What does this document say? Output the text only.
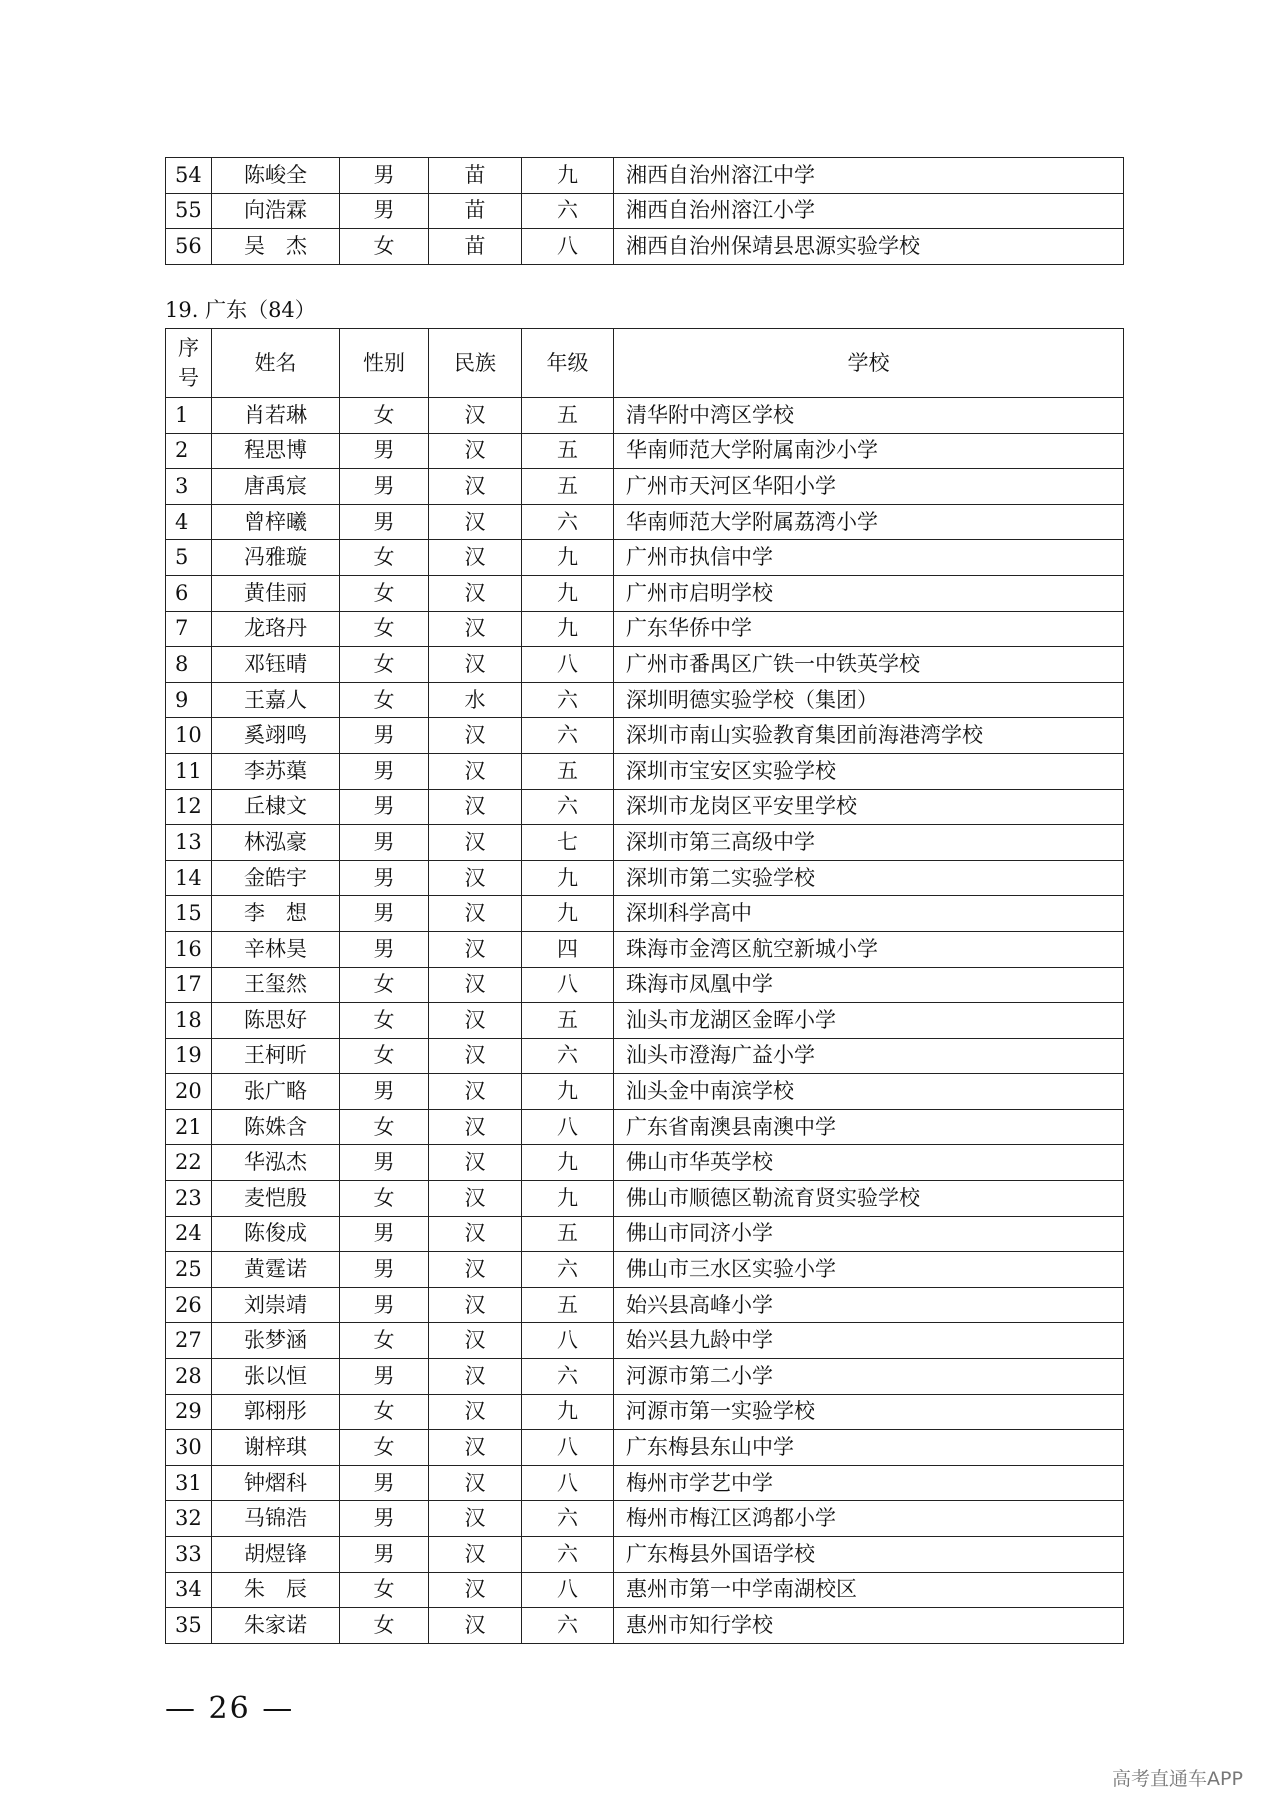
54	陈峻全	男	苗	九	湘西自治州溶江中学
55	向浩霖	男	苗	六	湘西自治州溶江小学
56	吴　杰	女	苗	八	湘西自治州保靖县思源实验学校
19. 广东（84）
序
号	姓名	性别	民族	年级	学校
1	肖若琳	女	汉	五	清华附中湾区学校
2	程思博	男	汉	五	华南师范大学附属南沙小学
3	唐禹宸	男	汉	五	广州市天河区华阳小学
4	曾梓曦	男	汉	六	华南师范大学附属荔湾小学
5	冯雅璇	女	汉	九	广州市执信中学
6	黄佳丽	女	汉	九	广州市启明学校
7	龙珞丹	女	汉	九	广东华侨中学
8	邓钰晴	女	汉	八	广州市番禺区广铁一中铁英学校
9	王嘉人	女	水	六	深圳明德实验学校（集团）
10	奚翊鸣	男	汉	六	深圳市南山实验教育集团前海港湾学校
11	李苏蕖	男	汉	五	深圳市宝安区实验学校
12	丘棣文	男	汉	六	深圳市龙岗区平安里学校
13	林泓豪	男	汉	七	深圳市第三高级中学
14	金皓宇	男	汉	九	深圳市第二实验学校
15	李　想	男	汉	九	深圳科学高中
16	辛林昊	男	汉	四	珠海市金湾区航空新城小学
17	王玺然	女	汉	八	珠海市凤凰中学
18	陈思好	女	汉	五	汕头市龙湖区金晖小学
19	王柯昕	女	汉	六	汕头市澄海广益小学
20	张广略	男	汉	九	汕头金中南滨学校
21	陈姝含	女	汉	八	广东省南澳县南澳中学
22	华泓杰	男	汉	九	佛山市华英学校
23	麦恺殷	女	汉	九	佛山市顺德区勒流育贤实验学校
24	陈俊成	男	汉	五	佛山市同济小学
25	黄霆诺	男	汉	六	佛山市三水区实验小学
26	刘崇靖	男	汉	五	始兴县高峰小学
27	张梦涵	女	汉	八	始兴县九龄中学
28	张以恒	男	汉	六	河源市第二小学
29	郭栩彤	女	汉	九	河源市第一实验学校
30	谢梓琪	女	汉	八	广东梅县东山中学
31	钟熠科	男	汉	八	梅州市学艺中学
32	马锦浩	男	汉	六	梅州市梅江区鸿都小学
33	胡煜锋	男	汉	六	广东梅县外国语学校
34	朱　辰	女	汉	八	惠州市第一中学南湖校区
35	朱家诺	女	汉	六	惠州市知行学校
— 26 —
高考直通车APP
